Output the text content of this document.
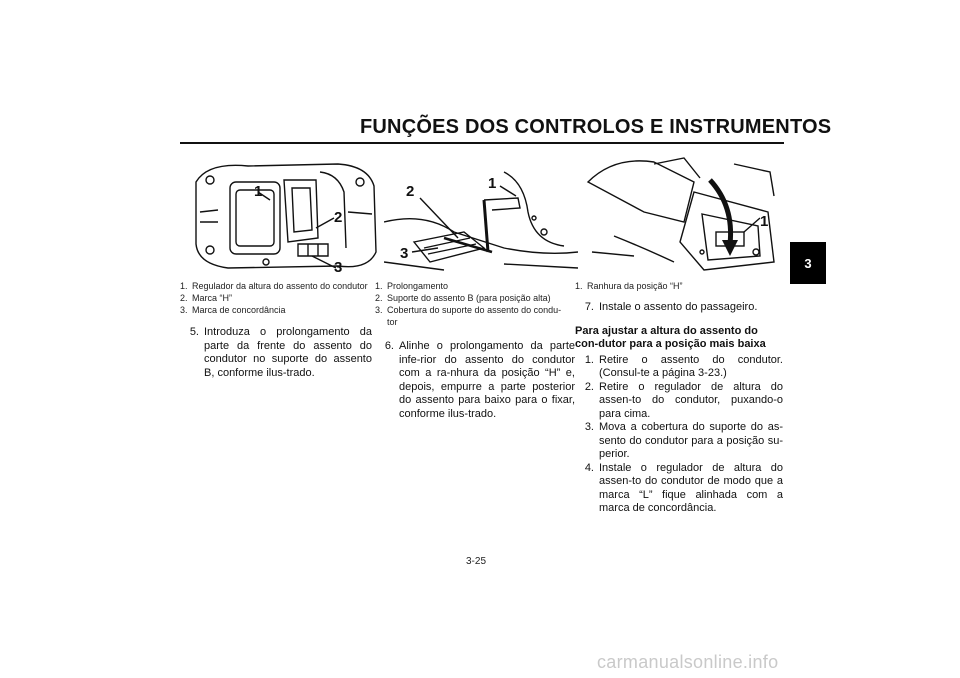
FUNÇÕES DOS CONTROLOS E INSTRUMENTOS
3
1
2
3
2	1
3
1
1. Regulador da altura do assento do condutor
2. Marca “H”
3. Marca de concordância
1. Prolongamento
2. Suporte do assento B (para posição alta)
3. Cobertura do suporte do assento do condu-tor
1. Ranhura da posição “H”
5. Introduza o prolongamento da parte da frente do assento do condutor no suporte do assento B, conforme ilus-trado.
6. Alinhe o prolongamento da parte infe-rior do assento do condutor com a ra-nhura da posição “H” e, depois, empurre a parte posterior do assento para baixo para o fixar, conforme ilus-trado.
7. Instale o assento do passageiro.
Para ajustar a altura do assento do con-dutor para a posição mais baixa
1. Retire o assento do condutor. (Consul-te a página 3-23.)
2. Retire o regulador de altura do assen-to do condutor, puxando-o para cima.
3. Mova a cobertura do suporte do as-sento do condutor para a posição su-perior.
4. Instale o regulador de altura do assen-to do condutor de modo que a marca “L” fique alinhada com a marca de concordância.
3-25
carmanualsonline.info
